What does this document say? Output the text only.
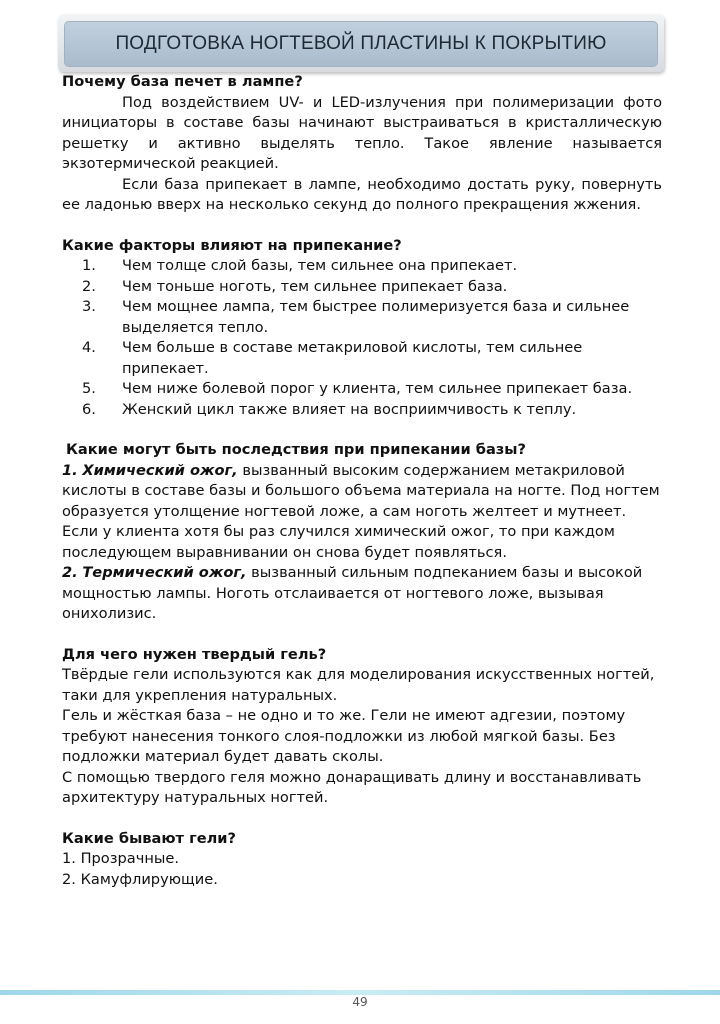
ПОДГОТОВКА НОГТЕВОЙ ПЛАСТИНЫ К ПОКРЫТИЮ
Почему база печет в лампе?

Под воздействием UV- и LED-излучения при полимеризации фото инициаторы в составе базы начинают выстраиваться в кристаллическую решетку и активно выделять тепло. Такое явление называется экзотермической реакцией.

Если база припекает в лампе, необходимо достать руку, повернуть ее ладонью вверх на несколько секунд до полного прекращения жжения.

Какие факторы влияют на припекание?
1.	Чем толще слой базы, тем сильнее она припекает.
2.	Чем тоньше ноготь, тем сильнее припекает база.
3.	Чем мощнее лампа, тем быстрее полимеризуется база и сильнее выделяется тепло.
4.	Чем больше в составе метакриловой кислоты, тем сильнее припекает.
5.	Чем ниже болевой порог у клиента, тем сильнее припекает база.
6.	Женский цикл также влияет на восприимчивость к теплу.
Какие могут быть последствия при припекании базы?

1. Химический ожог, вызванный высоким содержанием метакриловой кислоты в составе базы и большого объема материала на ногте. Под ногтем образуется утолщение ногтевой ложе, а сам ноготь желтеет и мутнеет.

Если у клиента хотя бы раз случился химический ожог, то при каждом последующем выравнивании он снова будет появляться.

2. Термический ожог, вызванный сильным подпеканием базы и высокой мощностью лампы. Ноготь отслаивается от ногтевого ложе, вызывая онихолизис.

Для чего нужен твердый гель?

Твёрдые гели используются как для моделирования искусственных ногтей, таки для укрепления натуральных.

Гель и жёсткая база – не одно и то же. Гели не имеют адгезии, поэтому требуют нанесения тонкого слоя-подложки из любой мягкой базы. Без подложки материал будет давать сколы.

С помощью твердого геля можно донаращивать длину и восстанавливать архитектуру натуральных ногтей.

Какие бывают гели?

1. Прозрачные.

2. Камуфлирующие.

49
